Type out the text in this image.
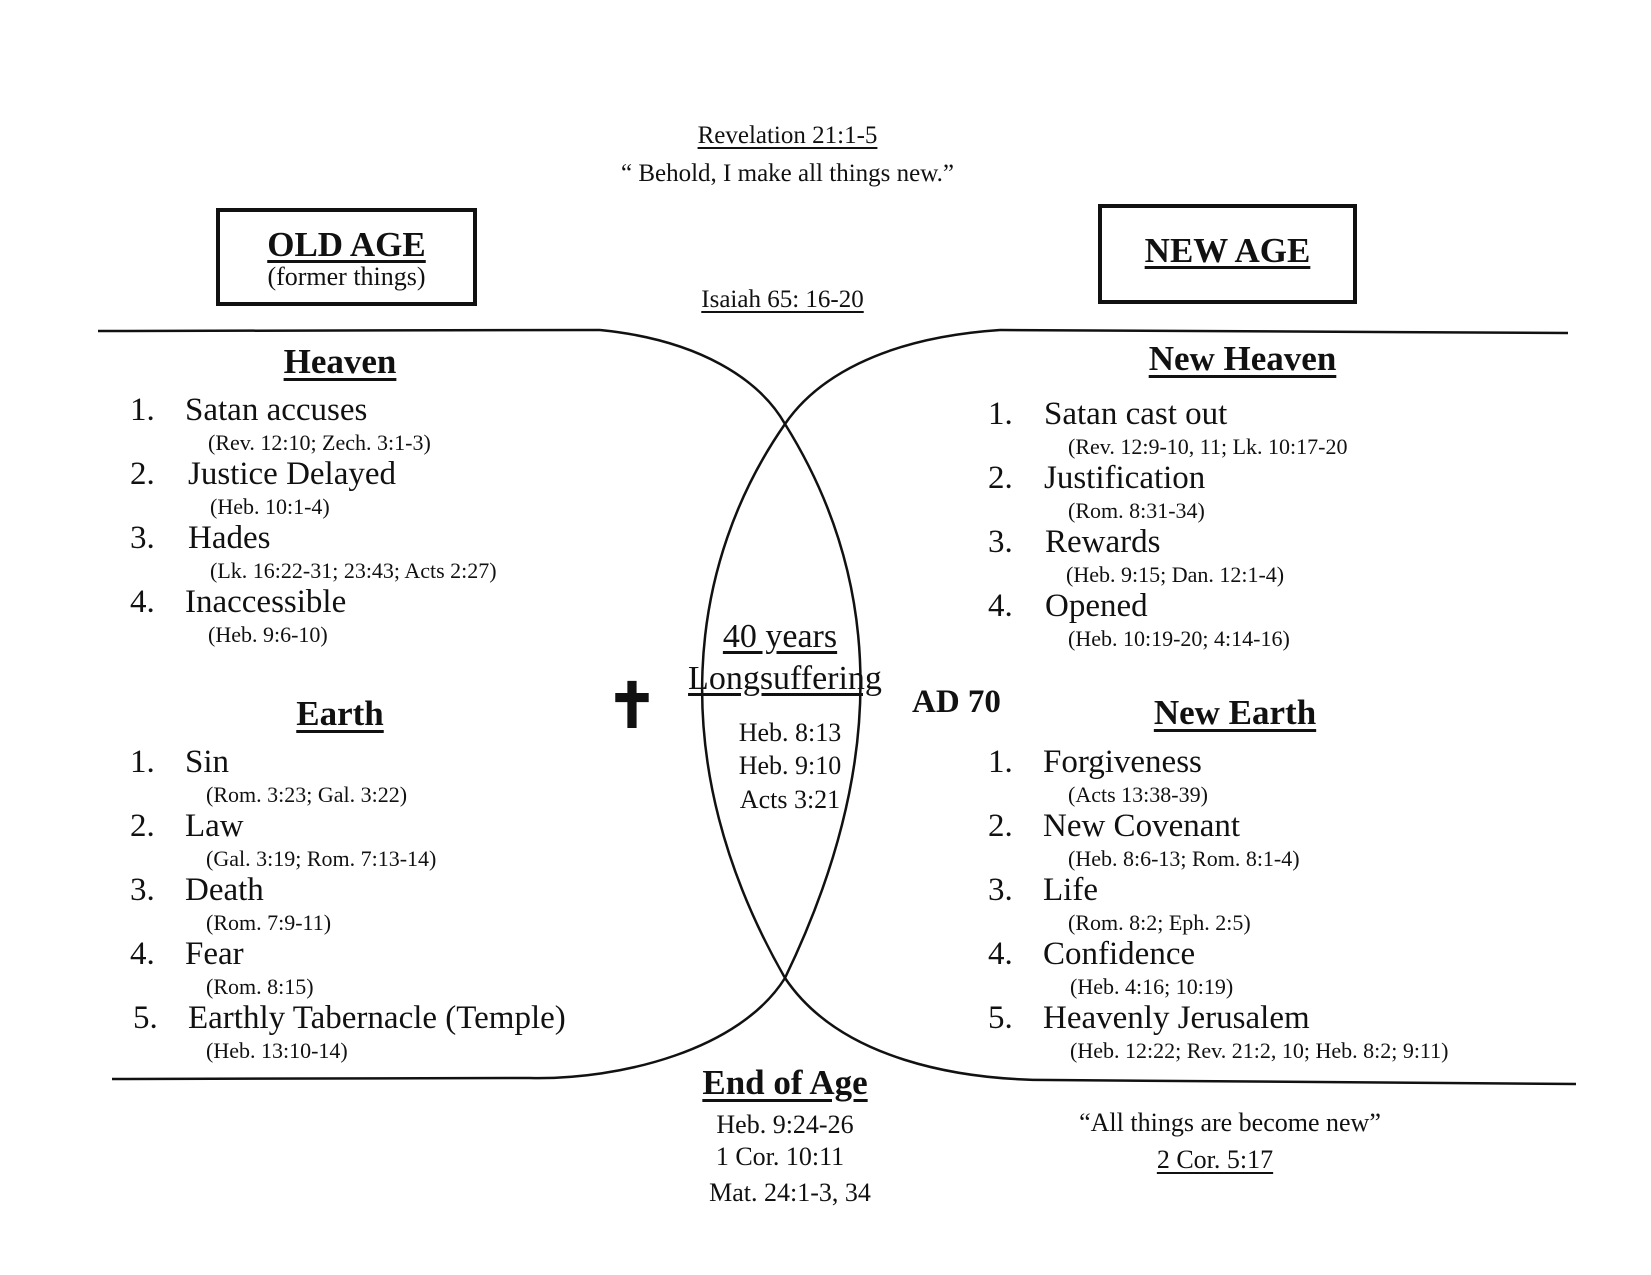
Revelation 21:1-5
“ Behold, I make all things new.”
Isaiah 65: 16-20
OLD AGE
(former things)
NEW AGE
Heaven
1. Satan accuses
(Rev. 12:10; Zech. 3:1-3)
2. Justice Delayed
(Heb. 10:1-4)
3. Hades
(Lk. 16:22-31; 23:43; Acts 2:27)
4. Inaccessible
(Heb. 9:6-10)
Earth
1. Sin
(Rom. 3:23; Gal. 3:22)
2. Law
(Gal. 3:19; Rom. 7:13-14)
3. Death
(Rom. 7:9-11)
4. Fear
(Rom. 8:15)
5. Earthly Tabernacle (Temple)
(Heb. 13:10-14)
New Heaven
1. Satan cast out
(Rev. 12:9-10, 11; Lk. 10:17-20
2. Justification
(Rom. 8:31-34)
3. Rewards
(Heb. 9:15; Dan. 12:1-4)
4. Opened
(Heb. 10:19-20; 4:14-16)
New Earth
1. Forgiveness
(Acts 13:38-39)
2. New Covenant
(Heb. 8:6-13; Rom. 8:1-4)
3. Life
(Rom. 8:2; Eph. 2:5)
4. Confidence
(Heb. 4:16; 10:19)
5. Heavenly Jerusalem
(Heb. 12:22; Rev. 21:2, 10; Heb. 8:2; 9:11)
✝
40 years
Longsuffering
Heb. 8:13
Heb. 9:10
Acts 3:21
AD 70
End of Age
Heb. 9:24-26
1 Cor. 10:11
Mat. 24:1-3, 34
“All things are become new”
2 Cor. 5:17
